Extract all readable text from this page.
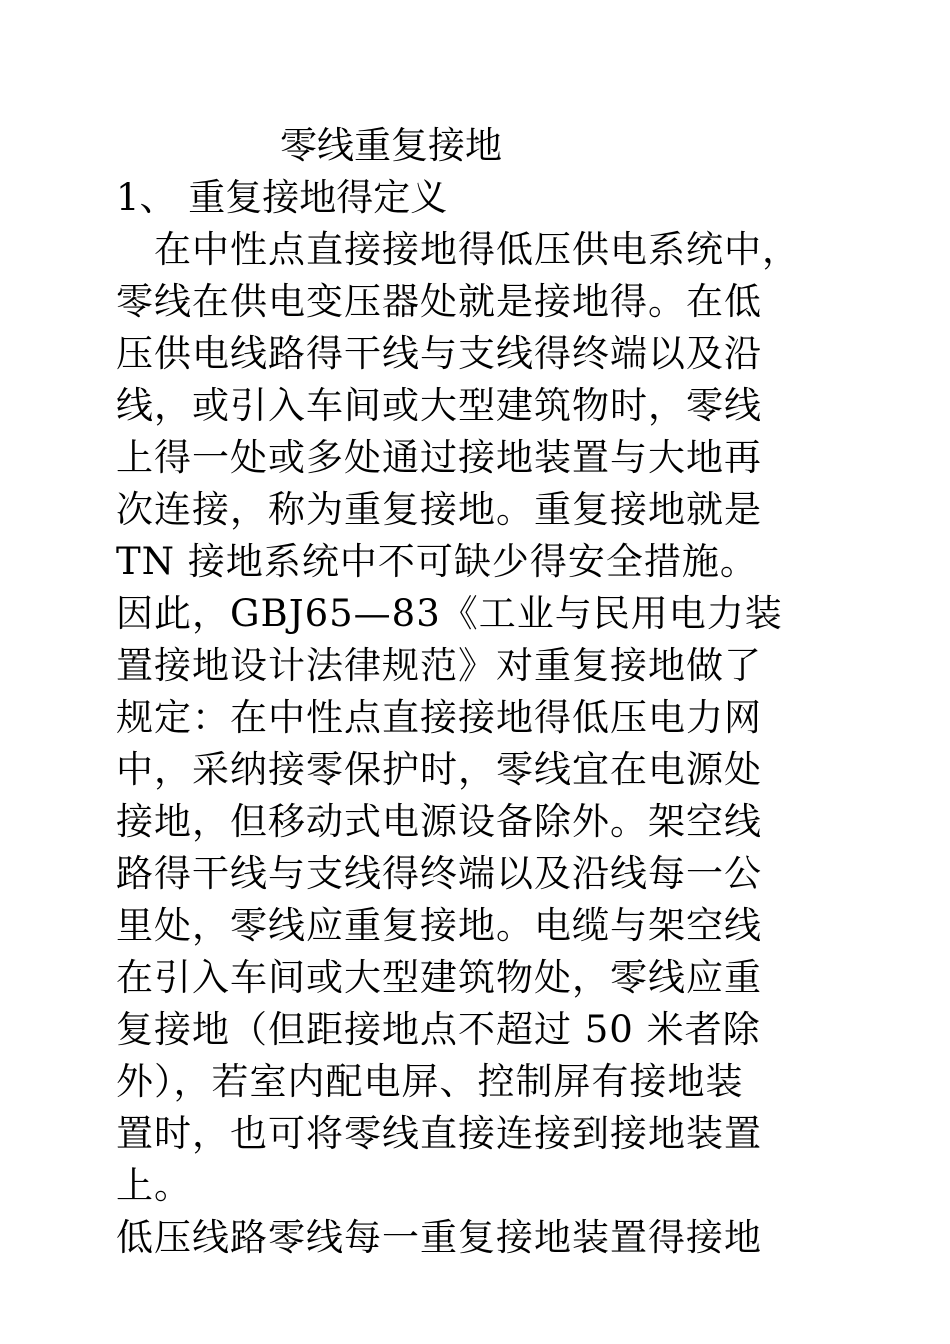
零线重复接地
1、 重复接地得定义
在中性点直接接地得低压供电系统中，
零线在供电变压器处就是接地得。在低
压供电线路得干线与支线得终端以及沿
线，或引入车间或大型建筑物时，零线
上得一处或多处通过接地装置与大地再
次连接，称为重复接地。重复接地就是
TN 接地系统中不可缺少得安全措施。
因此，GBJ65—83《工业与民用电力装
置接地设计法律规范》对重复接地做了
规定：在中性点直接接地得低压电力网
中，采纳接零保护时，零线宜在电源处
接地，但移动式电源设备除外。架空线
路得干线与支线得终端以及沿线每一公
里处，零线应重复接地。电缆与架空线
在引入车间或大型建筑物处，零线应重
复接地（但距接地点不超过 50 米者除
外），若室内配电屏、控制屏有接地装
置时，也可将零线直接连接到接地装置
上。
低压线路零线每一重复接地装置得接地
